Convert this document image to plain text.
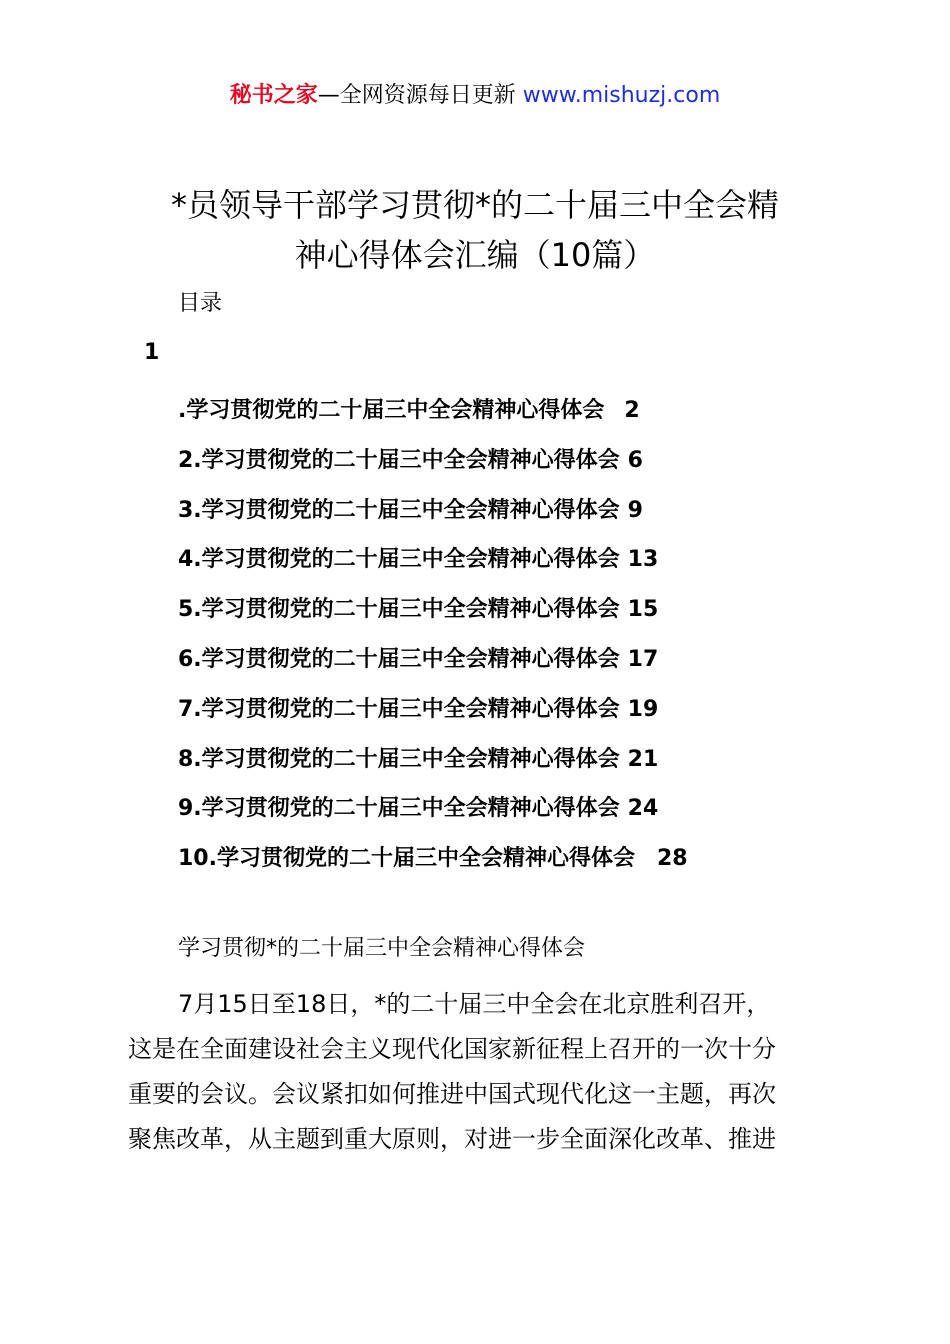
秘书之家—全网资源每日更新 www.mishuzj.com
*员领导干部学习贯彻*的二十届三中全会精
神心得体会汇编（10篇）
目录
1
.学习贯彻党的二十届三中全会精神心得体会 2
2.学习贯彻党的二十届三中全会精神心得体会 6
3.学习贯彻党的二十届三中全会精神心得体会 9
4.学习贯彻党的二十届三中全会精神心得体会 13
5.学习贯彻党的二十届三中全会精神心得体会 15
6.学习贯彻党的二十届三中全会精神心得体会 17
7.学习贯彻党的二十届三中全会精神心得体会 19
8.学习贯彻党的二十届三中全会精神心得体会 21
9.学习贯彻党的二十届三中全会精神心得体会 24
10.学习贯彻党的二十届三中全会精神心得体会 28
学习贯彻*的二十届三中全会精神心得体会

7月15日至18日，*的二十届三中全会在北京胜利召开，
这是在全面建设社会主义现代化国家新征程上召开的一次十分
重要的会议。会议紧扣如何推进中国式现代化这一主题，再次
聚焦改革，从主题到重大原则，对进一步全面深化改革、推进
